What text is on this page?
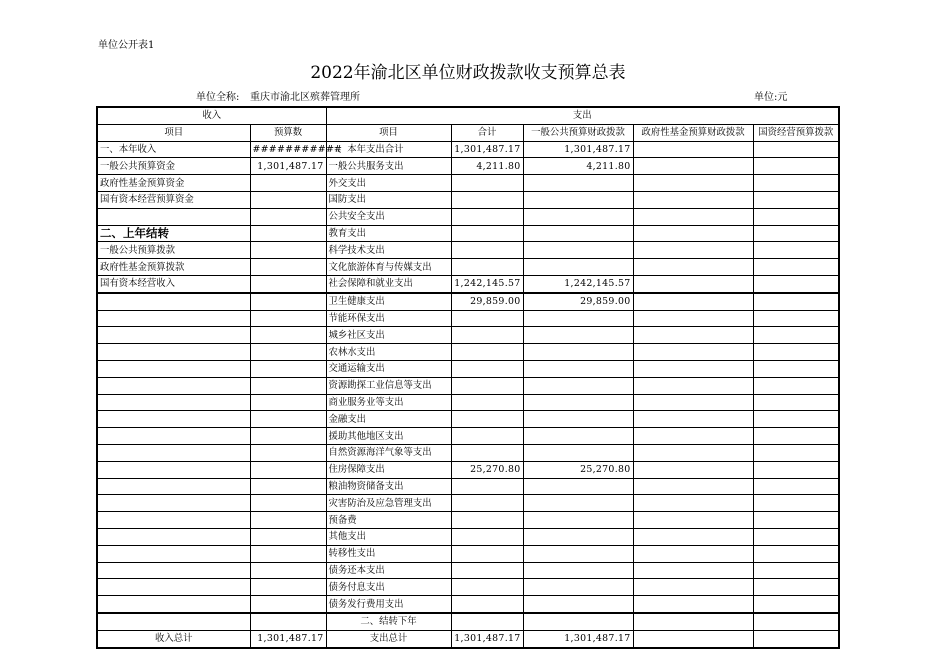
单位公开表1
2022年渝北区单位财政拨款收支预算总表
单位全称: 重庆市渝北区殡葬管理所	单位:元
收入		支出				
项目	预算数	项目	合计	一般公共预算财政拨款	政府性基金预算财政拨款	国资经营预算拨款
一、本年收入	###########	一、本年支出合计	1,301,487.17	1,301,487.17		
一般公共预算资金	1,301,487.17	一般公共服务支出	4,211.80	4,211.80		
政府性基金预算资金		外交支出				
国有资本经营预算资金		国防支出				
		公共安全支出				
二、上年结转		教育支出				
一般公共预算拨款		科学技术支出				
政府性基金预算拨款		文化旅游体育与传媒支出				
国有资本经营收入		社会保障和就业支出	1,242,145.57	1,242,145.57		
		卫生健康支出	29,859.00	29,859.00		
		节能环保支出				
		城乡社区支出				
		农林水支出				
		交通运输支出				
		资源勘探工业信息等支出				
		商业服务业等支出				
		金融支出				
		援助其他地区支出				
		自然资源海洋气象等支出				
		住房保障支出	25,270.80	25,270.80		
		粮油物资储备支出				
		灾害防治及应急管理支出				
		预备费				
		其他支出				
		转移性支出				
		债务还本支出				
		债务付息支出				
		债务发行费用支出				
		二、结转下年				
收入总计	1,301,487.17	支出总计	1,301,487.17	1,301,487.17		
